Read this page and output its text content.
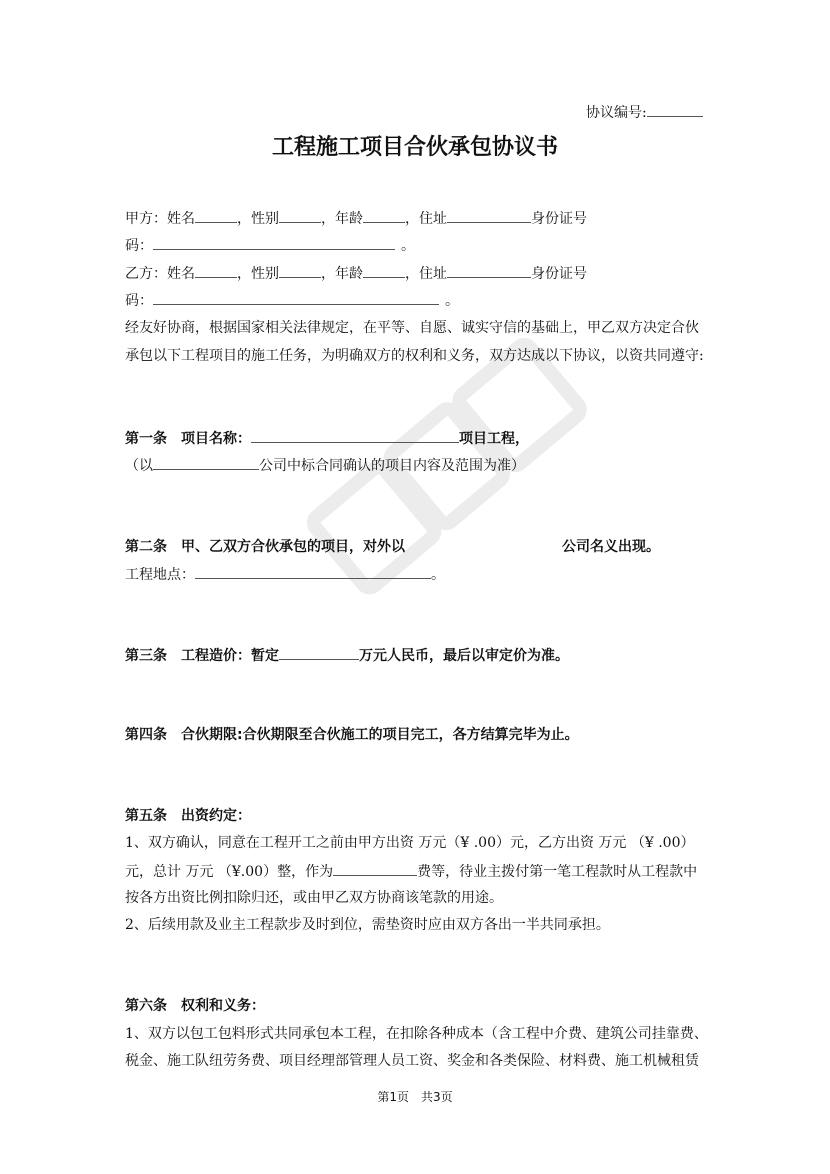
协议编号:
工程施工项目合伙承包协议书
甲方：姓名	，性别	，年龄	，住址	身份证号
码：	。
乙方：姓名	，性别	，年龄	，住址	身份证号
码：	。
经友好协商，根据国家相关法律规定，在平等、自愿、诚实守信的基础上，甲乙双方决定合伙
承包以下工程项目的施工任务，为明确双方的权利和义务，双方达成以下协议，以资共同遵守:
第一条　项目名称：	项目工程，
（以	公司中标合同确认的项目内容及范围为准）
第二条　甲、乙双方合伙承包的项目，对外以	公司名义出现。
工程地点：	。
第三条　工程造价：暂定	万元人民币，最后以审定价为准。
第四条　合伙期限:合伙期限至合伙施工的项目完工，各方结算完毕为止。
第五条　出资约定：
1、双方确认，同意在工程开工之前由甲方出资 万元（¥ .00）元，乙方出资 万元 （¥ .00）
元，总计 万元 （¥.00）整，作为	费等，待业主拨付第一笔工程款时从工程款中
按各方出资比例扣除归还，或由甲乙双方协商该笔款的用途。
2、后续用款及业主工程款步及时到位，需垫资时应由双方各出一半共同承担。
第六条　权利和义务：
1、双方以包工包料形式共同承包本工程，在扣除各种成本（含工程中介费、建筑公司挂靠费、
税金、施工队纽劳务费、项目经理部管理人员工资、奖金和各类保险、材料费、施工机械租赁
第1页　共3页
